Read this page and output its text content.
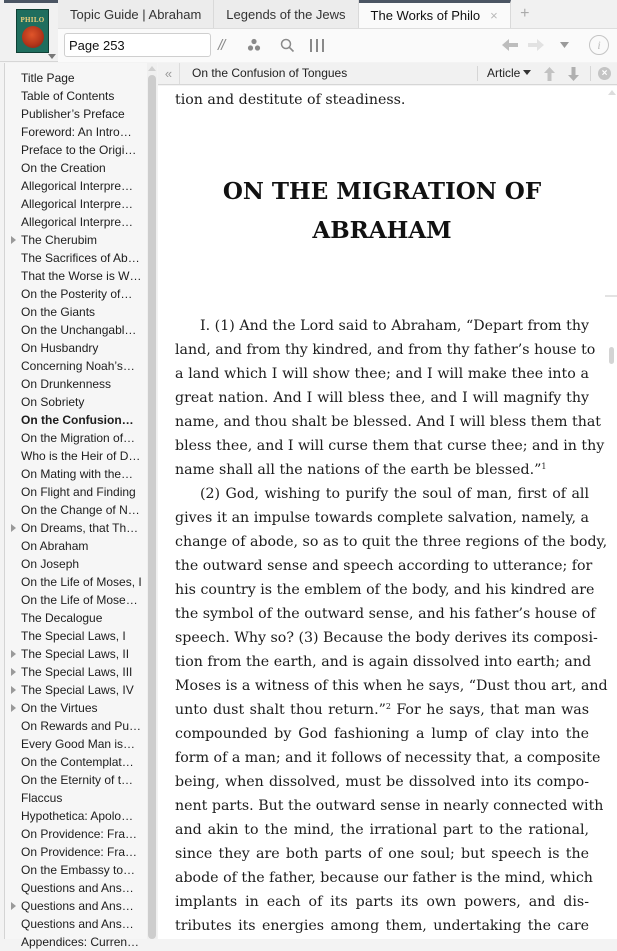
PHILO Topic Guide | Abraham Legends of the Jews The Works of Philo ×	+
Page 253
//	i
Title Page
Table of Contents
Publisher’s Preface
Foreword: An Intro…
Preface to the Origi…
On the Creation
Allegorical Interpre…
Allegorical Interpre…
Allegorical Interpre…
The Cherubim
The Sacrifices of Ab…
That the Worse is W…
On the Posterity of…
On the Giants
On the Unchangabl…
On Husbandry
Concerning Noah’s…
On Drunkenness
On Sobriety
On the Confusion…
On the Migration of…
Who is the Heir of D…
On Mating with the…
On Flight and Finding
On the Change of N…
On Dreams, that Th…
On Abraham
On Joseph
On the Life of Moses, I
On the Life of Mose…
The Decalogue
The Special Laws, I
The Special Laws, II
The Special Laws, III
The Special Laws, IV
On the Virtues
On Rewards and Pu…
Every Good Man is…
On the Contemplat…
On the Eternity of t…
Flaccus
Hypothetica: Apolo…
On Providence: Fra…
On Providence: Fra…
On the Embassy to…
Questions and Ans…
Questions and Ans…
Questions and Ans…
Appendices: Curren…
«	On the Confusion of Tongues	Article	×
tion and destitute of steadiness.
ON THE MIGRATION OF
ABRAHAM
I. (1) And the Lord said to Abraham, “Depart from thy
land, and from thy kindred, and from thy father’s house to
a land which I will show thee; and I will make thee into a
great nation. And I will bless thee, and I will magnify thy
name, and thou shalt be blessed. And I will bless them that
bless thee, and I will curse them that curse thee; and in thy
name shall all the nations of the earth be blessed.”$^1$
(2) God, wishing to purify the soul of man, first of all
gives it an impulse towards complete salvation, namely, a
change of abode, so as to quit the three regions of the body,
the outward sense and speech according to utterance; for
his country is the emblem of the body, and his kindred are
the symbol of the outward sense, and his father’s house of
speech. Why so? (3) Because the body derives its composi-
tion from the earth, and is again dissolved into earth; and
Moses is a witness of this when he says, “Dust thou art, and
unto dust shalt thou return.”$^2$ For he says, that man was
compounded by God fashioning a lump of clay into the
form of a man; and it follows of necessity that, a composite
being, when dissolved, must be dissolved into its compo-
nent parts. But the outward sense in nearly connected with
and akin to the mind, the irrational part to the rational,
since they are both parts of one soul; but speech is the
abode of the father, because our father is the mind, which
implants in each of its parts its own powers, and dis-
tributes its energies among them, undertaking the care
